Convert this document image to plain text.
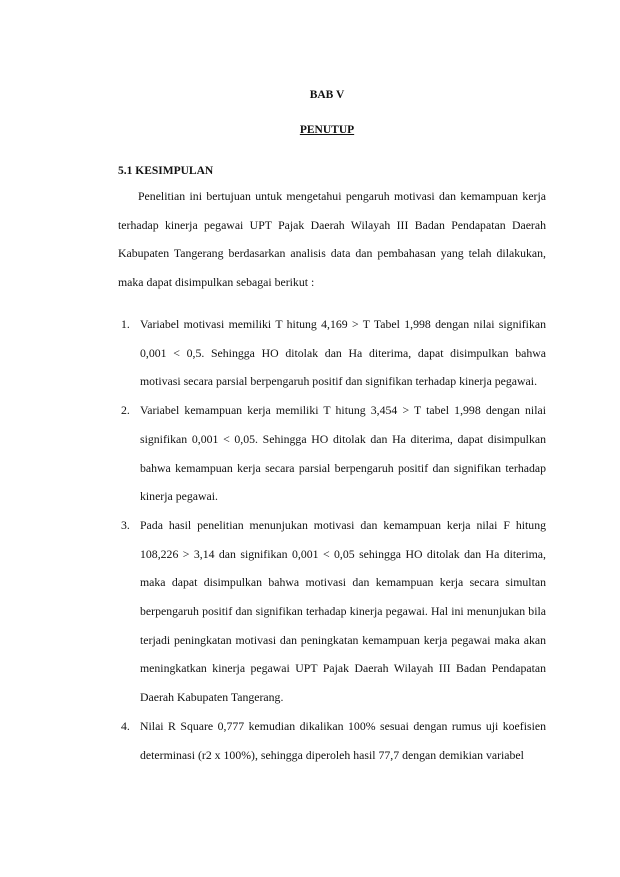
BAB V
PENUTUP
5.1 KESIMPULAN

Penelitian ini bertujuan untuk mengetahui pengaruh motivasi dan kemampuan kerja terhadap kinerja pegawai UPT Pajak Daerah Wilayah III Badan Pendapatan Daerah Kabupaten Tangerang berdasarkan analisis data dan pembahasan yang telah dilakukan, maka dapat disimpulkan sebagai berikut :

1. Variabel motivasi memiliki T hitung 4,169 > T Tabel 1,998 dengan nilai signifikan 0,001 < 0,5. Sehingga HO ditolak dan Ha diterima, dapat disimpulkan bahwa motivasi secara parsial berpengaruh positif dan signifikan terhadap kinerja pegawai.
2. Variabel kemampuan kerja memiliki T hitung 3,454 > T tabel 1,998 dengan nilai signifikan 0,001 < 0,05. Sehingga HO ditolak dan Ha diterima, dapat disimpulkan bahwa kemampuan kerja secara parsial berpengaruh positif dan signifikan terhadap kinerja pegawai.
3. Pada hasil penelitian menunjukan motivasi dan kemampuan kerja nilai F hitung 108,226 > 3,14 dan signifikan 0,001 < 0,05 sehingga HO ditolak dan Ha diterima, maka dapat disimpulkan bahwa motivasi dan kemampuan kerja secara simultan berpengaruh positif dan signifikan terhadap kinerja pegawai. Hal ini menunjukan bila terjadi peningkatan motivasi dan peningkatan kemampuan kerja pegawai maka akan meningkatkan kinerja pegawai UPT Pajak Daerah Wilayah III Badan Pendapatan Daerah Kabupaten Tangerang.
4. Nilai R Square 0,777 kemudian dikalikan 100% sesuai dengan rumus uji koefisien determinasi (r2 x 100%), sehingga diperoleh hasil 77,7 dengan demikian variabel
